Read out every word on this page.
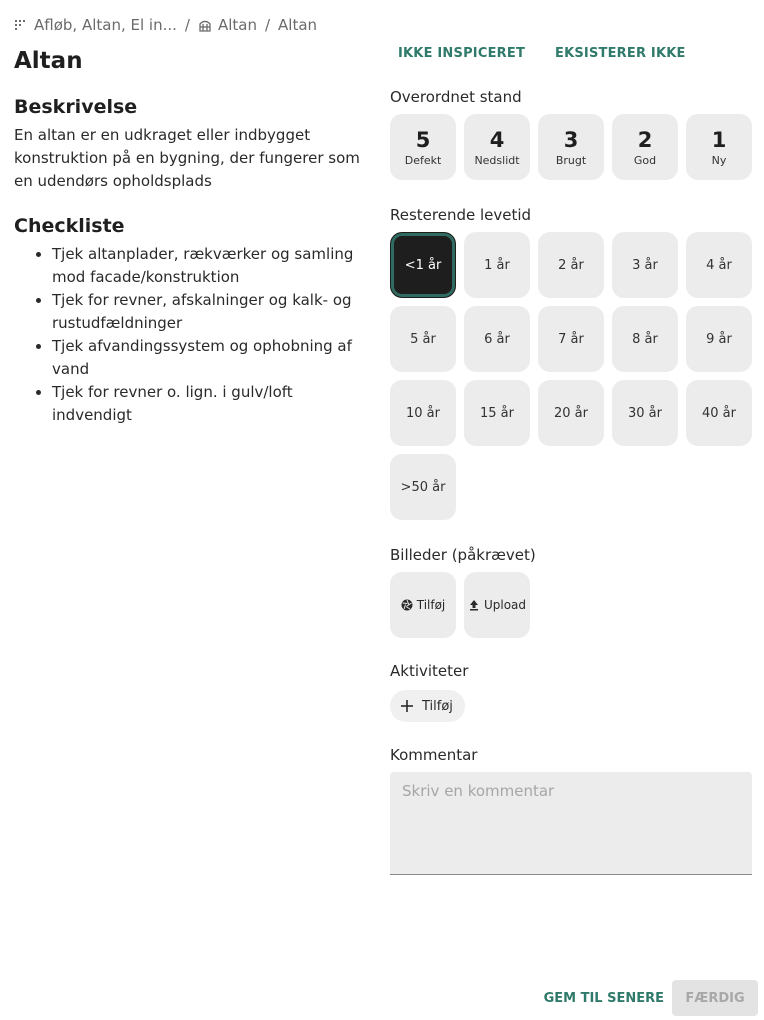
Afløb, Altan, El in... / Altan / Altan
Altan
Beskrivelse

En altan er en udkraget eller indbygget konstruktion på en bygning, der fungerer som en udendørs opholdsplads

Checkliste
• Tjek altanplader, rækværker og samling mod facade/konstruktion
• Tjek for revner, afskalninger og kalk- og rustudfældninger
• Tjek afvandingssystem og ophobning af vand
• Tjek for revner o. lign. i gulv/loft indvendigt
IKKE INSPICERET EKSISTERER IKKE
Overordnet stand
5
Defekt
4
Nedslidt
3
Brugt
2
God
1
Ny
Resterende levetid
<1 år	1 år	2 år	3 år	4 år
5 år	6 år	7 år	8 år	9 år
10 år	15 år	20 år	30 år	40 år
>50 år
Billeder (påkrævet)
Tilføj	Upload
Aktiviteter
Tilføj
Kommentar
Skriv en kommentar
GEM TIL SENERE	FÆRDIG
